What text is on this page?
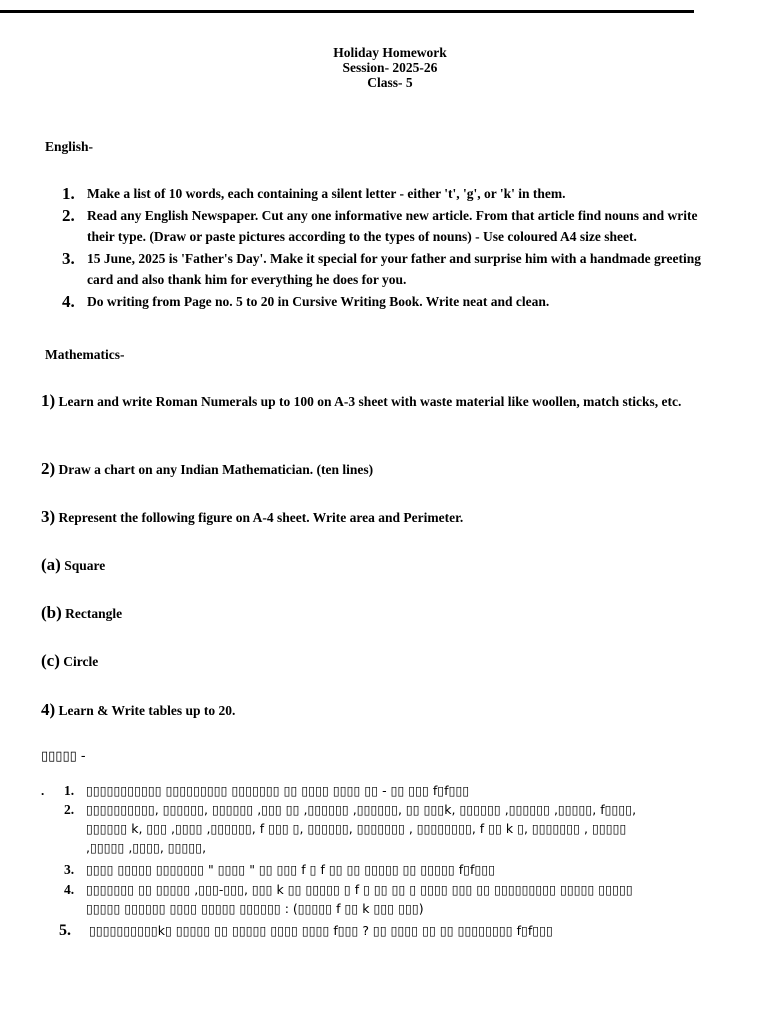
Holiday Homework
Session- 2025-26
Class- 5
English-
1. Make a list of 10 words, each containing a silent letter - either 't', 'g', or 'k' in them.
2. Read any English Newspaper. Cut any one informative new article. From that article find nouns and write their type. (Draw or paste pictures according to the types of nouns) - Use coloured A4 size sheet.
3. 15 June, 2025 is 'Father's Day'. Make it special for your father and surprise him with a handmade greeting card and also thank him for everything he does for you.
4. Do writing from Page no. 5 to 20 in Cursive Writing Book. Write neat and clean.
Mathematics-
1) Learn and write Roman Numerals up to 100 on A-3 sheet with waste material like woollen, match sticks, etc.
2) Draw a chart on any Indian Mathematician. (ten lines)
3) Represent the following figure on A-4 sheet. Write area and Perimeter.
(a) Square
(b) Rectangle
(c) Circle
4) Learn & Write tables up to 20.
▯▯▯▯▯ -
. 1. ▯▯▯▯▯▯▯▯▯▯▯ ▯▯▯▯▯▯▯▯▯ ▯▯▯▯▯▯▯ ▯▯ ▯▯▯▯ ▯▯▯▯ ▯▯ - ▯▯ ▯▯▯ f▯f▯▯▯
2. ▯▯▯▯▯▯▯▯▯▯, ▯▯▯▯▯▯, ▯▯▯▯▯▯ ,▯▯▯ ▯▯ ,▯▯▯▯▯▯ ,▯▯▯▯▯▯, ▯▯ ▯▯▯k, ▯▯▯▯▯▯ ,▯▯▯▯▯▯ ,▯▯▯▯▯, f▯▯▯▯,
▯▯▯▯▯▯ k, ▯▯▯ ,▯▯▯▯ ,▯▯▯▯▯▯, f ▯▯▯ ▯, ▯▯▯▯▯▯, ▯▯▯▯▯▯▯ , ▯▯▯▯▯▯▯▯, f ▯▯ k ▯, ▯▯▯▯▯▯▯ , ▯▯▯▯▯
,▯▯▯▯▯ ,▯▯▯▯, ▯▯▯▯▯,
3. ▯▯▯▯ ▯▯▯▯▯ ▯▯▯▯▯▯▯ " ▯▯▯▯ " ▯▯ ▯▯▯ f ▯ f ▯▯ ▯▯ ▯▯▯▯▯ ▯▯ ▯▯▯▯▯ f▯f▯▯▯
4. ▯▯▯▯▯▯▯ ▯▯ ▯▯▯▯▯ ,▯▯▯-▯▯▯, ▯▯▯ k ▯▯ ▯▯▯▯▯ ▯ f ▯ ▯▯ ▯▯ ▯ ▯▯▯▯ ▯▯▯ ▯▯ ▯▯▯▯▯▯▯▯▯ ▯▯▯▯▯ ▯▯▯▯▯
▯▯▯▯▯ ▯▯▯▯▯▯ ▯▯▯▯ ▯▯▯▯▯ ▯▯▯▯▯▯ : (▯▯▯▯▯ f ▯▯ k ▯▯▯ ▯▯▯)
5. ▯▯▯▯▯▯▯▯▯▯k▯ ▯▯▯▯▯ ▯▯ ▯▯▯▯▯ ▯▯▯▯ ▯▯▯▯ f▯▯▯ ? ▯▯ ▯▯▯▯ ▯▯ ▯▯ ▯▯▯▯▯▯▯▯ f▯f▯▯▯
